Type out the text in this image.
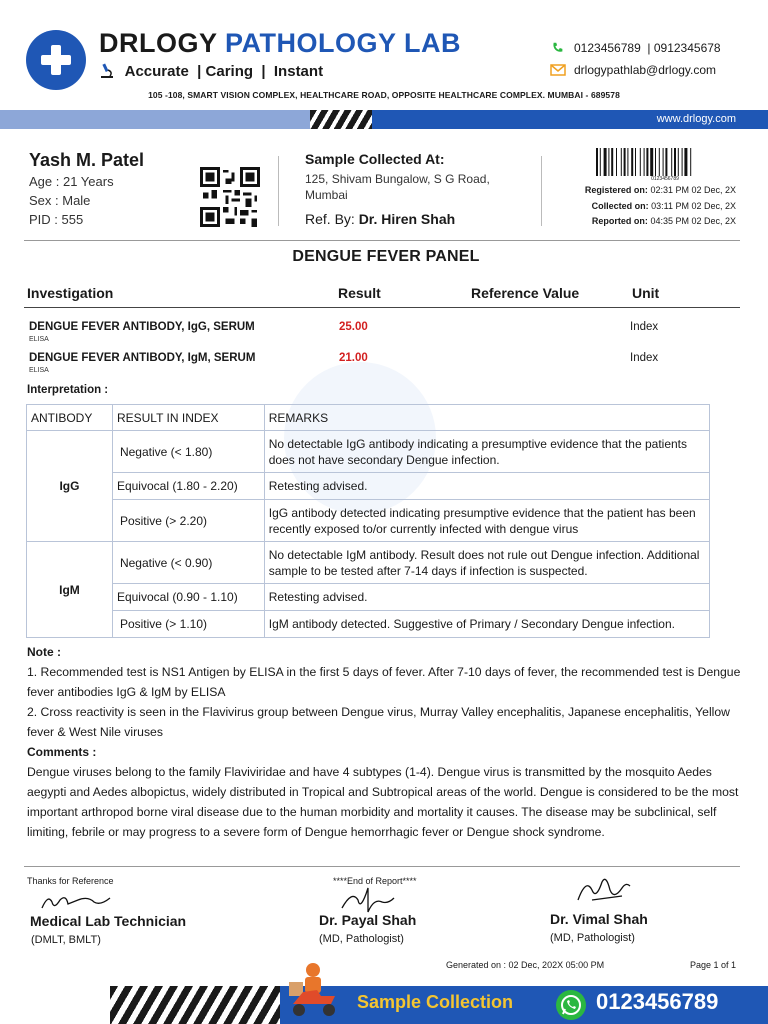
DRLOGY PATHOLOGY LAB
Accurate  | Caring  |  Instant
0123456789  | 0912345678
drlogypathlab@drlogy.com
105 -108, SMART VISION COMPLEX, HEALTHCARE ROAD, OPPOSITE HEALTHCARE COMPLEX. MUMBAI - 689578
www.drlogy.com
Yash M. Patel
Age : 21 Years
Sex : Male
PID : 555
Sample Collected At:
125, Shivam Bungalow, S G Road,
Mumbai
Ref. By: Dr. Hiren Shah
0123456789
Registered on: 02:31 PM 02 Dec, 2X
Collected on: 03:11 PM 02 Dec, 2X
Reported on: 04:35 PM 02 Dec, 2X
DENGUE FEVER PANEL
Investigation	Result	Reference Value	Unit
DENGUE FEVER ANTIBODY, IgG, SERUM
ELISA
25.00	Index
DENGUE FEVER ANTIBODY, IgM, SERUM
ELISA
21.00	Index
Interpretation :
ANTIBODY	RESULT IN INDEX	REMARKS
IgG	Negative (< 1.80)	No detectable IgG antibody indicating a presumptive evidence that the patients does not have secondary Dengue infection.
	Equivocal (1.80 - 2.20)	Retesting advised.
	Positive (> 2.20)	IgG antibody detected indicating presumptive evidence that the patient has been recently exposed to/or currently infected with dengue virus
IgM	Negative (< 0.90)	No detectable IgM antibody. Result does not rule out Dengue infection. Additional sample to be tested after 7-14 days if infection is suspected.
	Equivocal (0.90 - 1.10)	Retesting advised.
	Positive (> 1.10)	IgM antibody detected. Suggestive of Primary / Secondary Dengue infection.
Note :
1. Recommended test is NS1 Antigen by ELISA in the first 5 days of fever. After 7-10 days of fever, the recommended test is Dengue fever antibodies IgG & IgM by ELISA
2. Cross reactivity is seen in the Flavivirus group between Dengue virus, Murray Valley encephalitis, Japanese encephalitis, Yellow fever & West Nile viruses
Comments :
Dengue viruses belong to the family Flaviviridae and have 4 subtypes (1-4). Dengue virus is transmitted by the mosquito Aedes aegypti and Aedes albopictus, widely distributed in Tropical and Subtropical areas of the world. Dengue is considered to be the most important arthropod borne viral disease due to the human morbidity and mortality it causes. The disease may be subclinical, self limiting, febrile or may progress to a severe form of Dengue hemorrhagic fever or Dengue shock syndrome.
Thanks for Reference	****End of Report****
Medical Lab Technician
(DMLT, BMLT)
Dr. Payal Shah
(MD, Pathologist)
Dr. Vimal Shah
(MD, Pathologist)
Generated on : 02 Dec, 202X 05:00 PM	Page 1 of 1
Sample Collection	0123456789
